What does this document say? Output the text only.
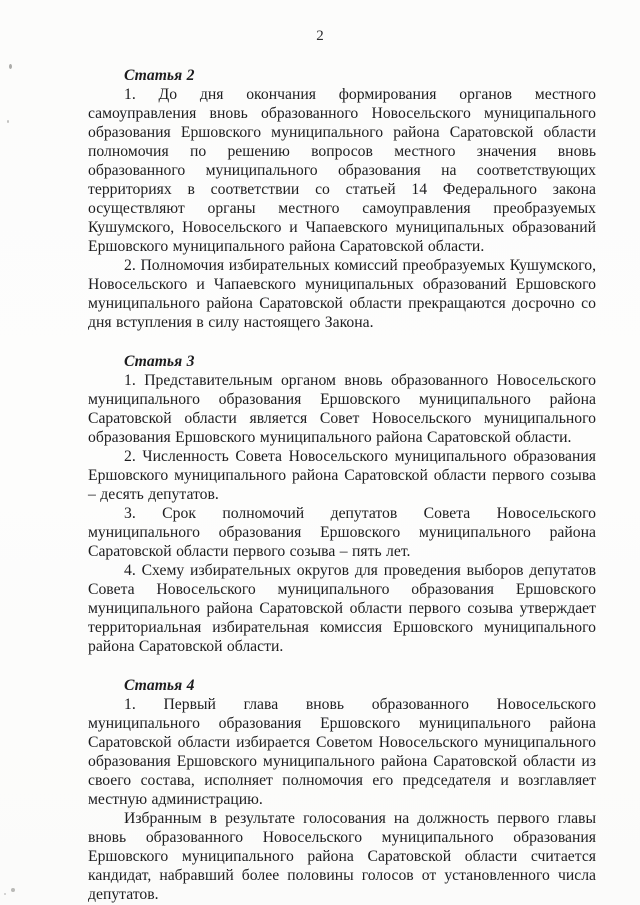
2

Статья 2

1. До дня окончания формирования органов местного самоуправления вновь образованного Новосельского муниципального образования Ершовского муниципального района Саратовской области полномочия по решению вопросов местного значения вновь образованного муниципального образования на соответствующих территориях в соответствии со статьей 14 Федерального закона осуществляют органы местного самоуправления преобразуемых Кушумского, Новосельского и Чапаевского муниципальных образований Ершовского муниципального района Саратовской области.

2. Полномочия избирательных комиссий преобразуемых Кушумского, Новосельского и Чапаевского муниципальных образований Ершовского муниципального района Саратовской области прекращаются досрочно со дня вступления в силу настоящего Закона.

Статья 3

1. Представительным органом вновь образованного Новосельского муниципального образования Ершовского муниципального района Саратовской области является Совет Новосельского муниципального образования Ершовского муниципального района Саратовской области.

2. Численность Совета Новосельского муниципального образования Ершовского муниципального района Саратовской области первого созыва – десять депутатов.

3. Срок полномочий депутатов Совета Новосельского муниципального образования Ершовского муниципального района Саратовской области первого созыва – пять лет.

4. Схему избирательных округов для проведения выборов депутатов Совета Новосельского муниципального образования Ершовского муниципального района Саратовской области первого созыва утверждает территориальная избирательная комиссия Ершовского муниципального района Саратовской области.

Статья 4

1. Первый глава вновь образованного Новосельского муниципального образования Ершовского муниципального района Саратовской области избирается Советом Новосельского муниципального образования Ершовского муниципального района Саратовской области из своего состава, исполняет полномочия его председателя и возглавляет местную администрацию.

Избранным в результате голосования на должность первого главы вновь образованного Новосельского муниципального образования Ершовского муниципального района Саратовской области считается кандидат, набравший более половины голосов от установленного числа депутатов.
